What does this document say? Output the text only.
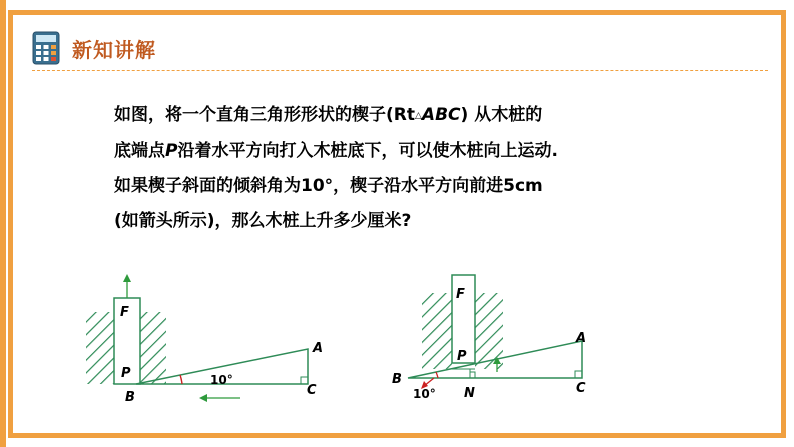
新知讲解

如图，将一个直角三角形形状的楔子(Rt△ABC) 从木桩的

底端点P沿着水平方向打入木桩底下，可以使木桩向上运动.

如果楔子斜面的倾斜角为10°，楔子沿水平方向前进5cm

(如箭头所示)，那么木桩上升多少厘米?

F
P
B
A
C
10°
F
P
B
A
C
N
10°
